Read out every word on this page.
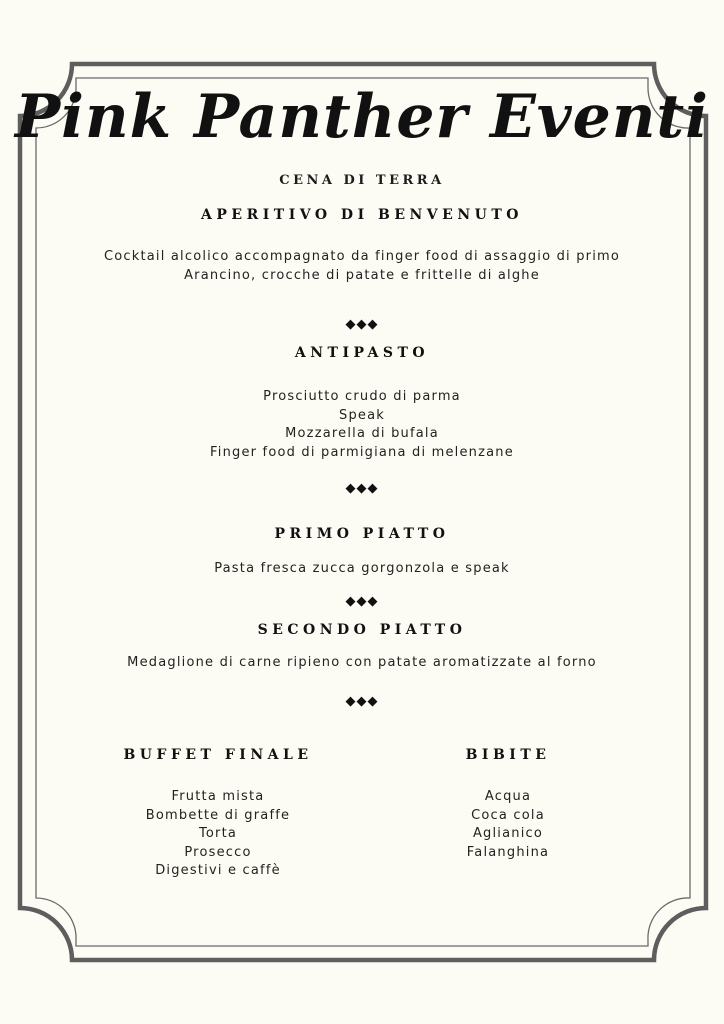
Pink Panther Eventi
CENA DI TERRA
APERITIVO DI BENVENUTO
Cocktail alcolico accompagnato da finger food di assaggio di primo
Arancino, crocche di patate e frittelle di alghe
◆◆◆
ANTIPASTO
Prosciutto crudo di parma
Speak
Mozzarella di bufala
Finger food di parmigiana di melenzane
◆◆◆
PRIMO PIATTO
Pasta fresca zucca gorgonzola e speak
◆◆◆
SECONDO PIATTO
Medaglione di carne ripieno con patate aromatizzate al forno
◆◆◆
BUFFET FINALE
Frutta mista
Bombette di graffe
Torta
Prosecco
Digestivi e caffè
BIBITE
Acqua
Coca cola
Aglianico
Falanghina
